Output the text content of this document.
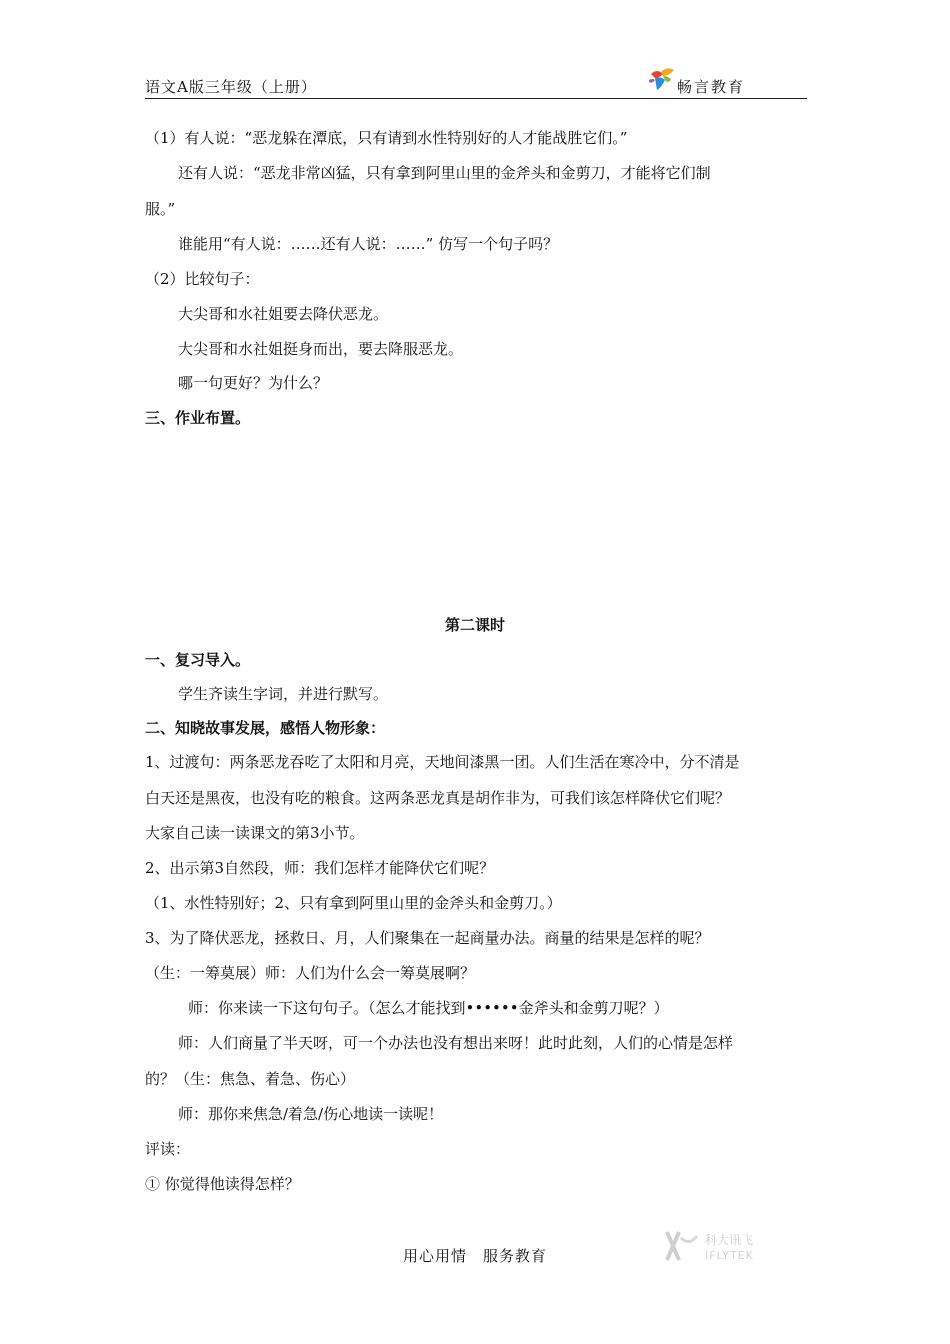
语文A版三年级（上册）	畅言教育
（1）有人说：“恶龙躲在潭底，只有请到水性特别好的人才能战胜它们。”
还有人说：“恶龙非常凶猛，只有拿到阿里山里的金斧头和金剪刀，才能将它们制
服。”
谁能用“有人说：……还有人说：……” 仿写一个句子吗？
（2）比较句子：
大尖哥和水社姐要去降伏恶龙。
大尖哥和水社姐挺身而出，要去降服恶龙。
哪一句更好？为什么？
三、作业布置。
第二课时
一、复习导入。
学生齐读生字词，并进行默写。
二、知晓故事发展，感悟人物形象：
1、过渡句：两条恶龙吞吃了太阳和月亮，天地间漆黑一团。人们生活在寒冷中，分不清是
白天还是黑夜，也没有吃的粮食。这两条恶龙真是胡作非为，可我们该怎样降伏它们呢？
大家自己读一读课文的第3小节。
2、出示第3自然段，师：我们怎样才能降伏它们呢？
（1、水性特别好；2、只有拿到阿里山里的金斧头和金剪刀。）
3、为了降伏恶龙，拯救日、月，人们聚集在一起商量办法。商量的结果是怎样的呢？
（生：一筹莫展）师：人们为什么会一筹莫展啊？
师：你来读一下这句句子。（怎么才能找到••••••金斧头和金剪刀呢？）
师：人们商量了半天呀，可一个办法也没有想出来呀！此时此刻，人们的心情是怎样
的？（生：焦急、着急、伤心）
师：那你来焦急/着急/伤心地读一读呢！
评读：
① 你觉得他读得怎样？
用心用情　服务教育
科大讯飞
IFLYTEK
